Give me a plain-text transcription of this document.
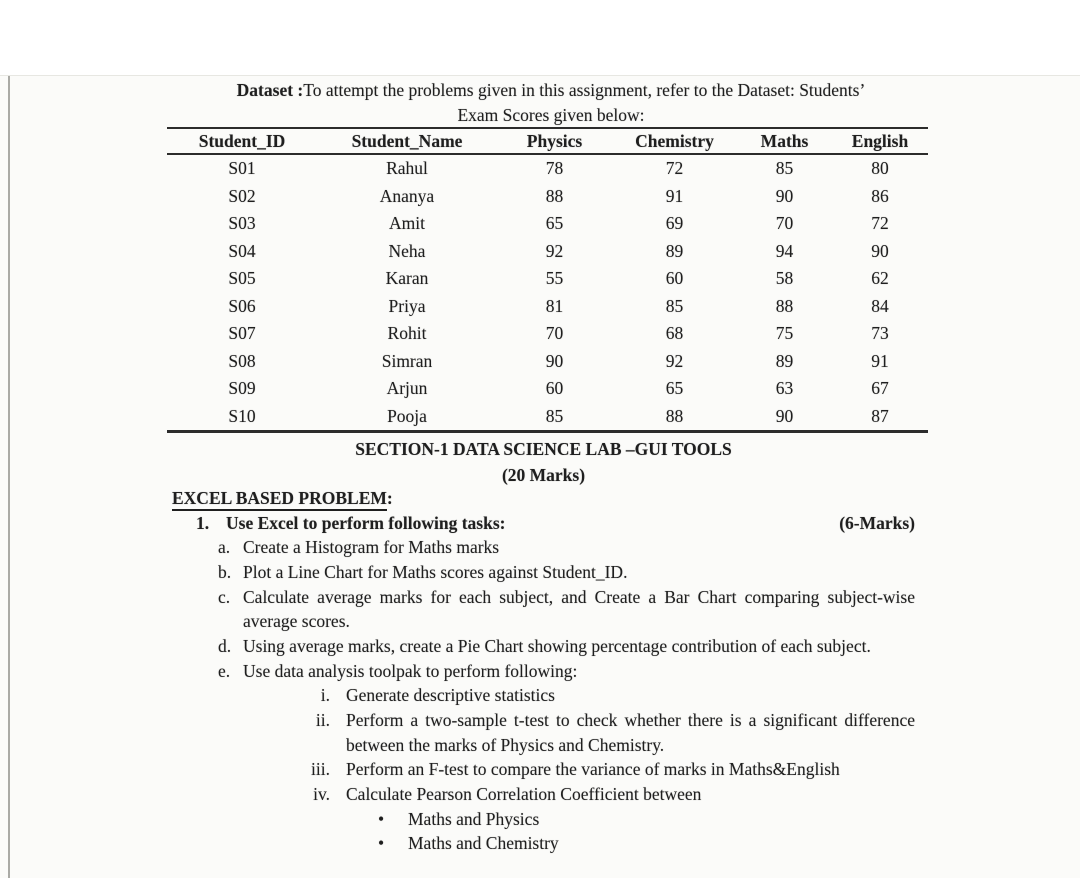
Dataset :To attempt the problems given in this assignment, refer to the Dataset: Students’
Exam Scores given below:
Student_ID	Student_Name	Physics	Chemistry	Maths	English
S01	Rahul	78	72	85	80
S02	Ananya	88	91	90	86
S03	Amit	65	69	70	72
S04	Neha	92	89	94	90
S05	Karan	55	60	58	62
S06	Priya	81	85	88	84
S07	Rohit	70	68	75	73
S08	Simran	90	92	89	91
S09	Arjun	60	65	63	67
S10	Pooja	85	88	90	87
SECTION-1 DATA SCIENCE LAB –GUI TOOLS
(20 Marks)
EXCEL BASED PROBLEM:
1.	(6-Marks)
Use Excel to perform following tasks:
a. Create a Histogram for Maths marks
b. Plot a Line Chart for Maths scores against Student_ID.
c. Calculate average marks for each subject, and Create a Bar Chart comparing subject-wise average scores.
d. Using average marks, create a Pie Chart showing percentage contribution of each subject.
e. Use data analysis toolpak to perform following:
i. Generate descriptive statistics
ii. Perform a two-sample t-test to check whether there is a significant difference between the marks of Physics and Chemistry.
iii. Perform an F-test to compare the variance of marks in Maths&English
iv. Calculate Pearson Correlation Coefficient between
• Maths and Physics
• Maths and Chemistry
